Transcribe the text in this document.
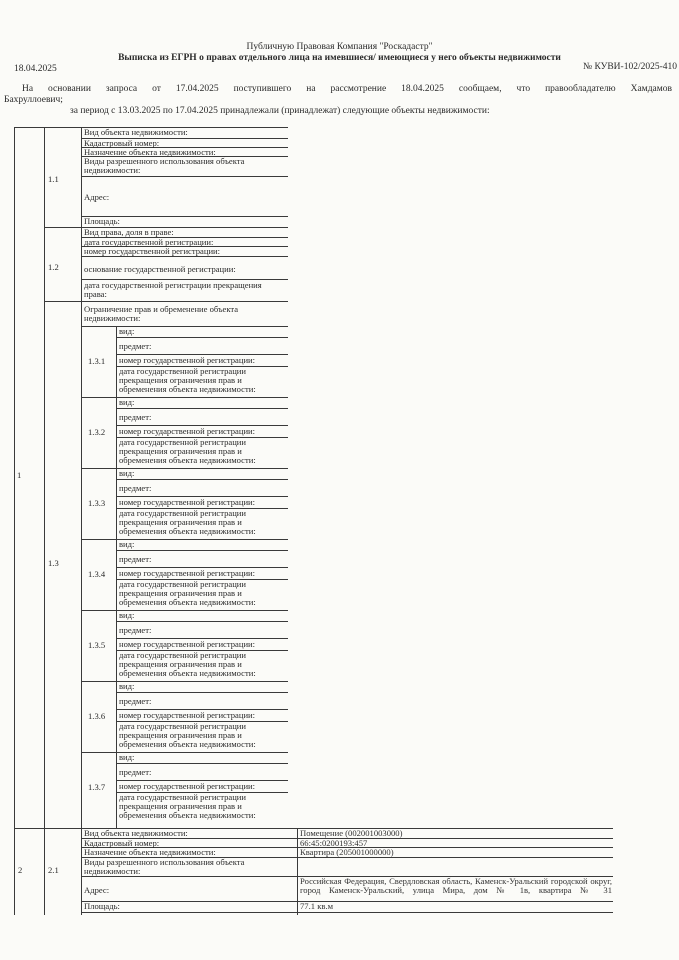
Публичную Правовая Компания "Роскадастр"
Выписка из ЕГРН о правах отдельного лица на имевшиеся/ имеющиеся у него объекты недвижимости
18.04.2025	№ КУВИ-102/2025-410
На основании запроса от 17.04.2025 поступившего на рассмотрение 18.04.2025 сообщаем, что правообладателю Хамдамов
Бахруллоевич;
за период с 13.03.2025 по 17.04.2025 принадлежали (принадлежат) следующие объекты недвижимости:
1
1.1
Вид объекта недвижимости:
Кадастровый номер:
Назначение объекта недвижимости:
Виды разрешенного использования объекта недвижимости:
Адрес:
Площадь:
1.2
Вид права, доля в праве:
дата государственной регистрации:
номер государственной регистрации:
основание государственной регистрации:
дата государственной регистрации прекращения права:
1.3
Ограничение прав и обременение объекта недвижимости:
1.3.1
вид:
предмет:
номер государственной регистрации:
дата государственной регистрации прекращения ограничения прав и обременения объекта недвижимости:
1.3.2
вид:
предмет:
номер государственной регистрации:
дата государственной регистрации прекращения ограничения прав и обременения объекта недвижимости:
1.3.3
вид:
предмет:
номер государственной регистрации:
дата государственной регистрации прекращения ограничения прав и обременения объекта недвижимости:
1.3.4
вид:
предмет:
номер государственной регистрации:
дата государственной регистрации прекращения ограничения прав и обременения объекта недвижимости:
1.3.5
вид:
предмет:
номер государственной регистрации:
дата государственной регистрации прекращения ограничения прав и обременения объекта недвижимости:
1.3.6
вид:
предмет:
номер государственной регистрации:
дата государственной регистрации прекращения ограничения прав и обременения объекта недвижимости:
1.3.7
вид:
предмет:
номер государственной регистрации:
дата государственной регистрации прекращения ограничения прав и обременения объекта недвижимости:
2	2.1
Вид объекта недвижимости:	Помещение (002001003000)
Кадастровый номер:	66:45:0200193:457
Назначение объекта недвижимости:	Квартира (205001000000)
Виды разрешенного использования объекта недвижимости:
Адрес:
Российская Федерация, Свердловская область, Каменск-Уральский городской округ, город Каменск-Уральский, улица Мира, дом № 1в, квартира № 31
Площадь:	77.1 кв.м
